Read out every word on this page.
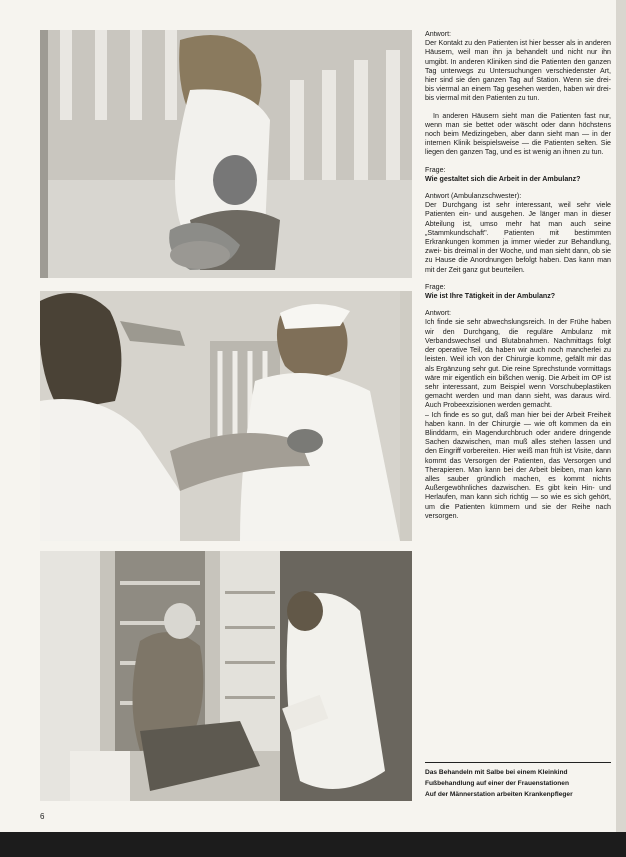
Antwort:

Der Kontakt zu den Patienten ist hier besser als in anderen Häusern, weil man ihn ja behandelt und nicht nur ihn umgibt. In anderen Kliniken sind die Patienten den ganzen Tag unterwegs zu Untersuchungen verschiedenster Art, hier sind sie den ganzen Tag auf Station. Wenn sie drei- bis viermal an einem Tag gesehen werden, haben wir drei- bis viermal mit den Patienten zu tun.

In anderen Häusern sieht man die Patienten fast nur, wenn man sie bettet oder wäscht oder dann höchstens noch beim Medizingeben, aber dann sieht man — in der internen Klinik beispielsweise — die Patienten selten. Sie liegen den ganzen Tag, und es ist wenig an ihnen zu tun.

Frage:

Wie gestaltet sich die Arbeit in der Ambulanz?

Antwort (Ambulanzschwester):

Der Durchgang ist sehr interessant, weil sehr viele Patienten ein- und ausgehen. Je länger man in dieser Abteilung ist, umso mehr hat man auch seine „Stammkundschaft". Patienten mit bestimmten Erkrankungen kommen ja immer wieder zur Behandlung, zwei- bis dreimal in der Woche, und man sieht dann, ob sie zu Hause die Anordnungen befolgt haben. Das kann man mit der Zeit ganz gut beurteilen.

Frage:

Wie ist Ihre Tätigkeit in der Ambulanz?

Antwort:

Ich finde sie sehr abwechslungsreich. In der Frühe haben wir den Durchgang, die reguläre Ambulanz mit Verbandswechsel und Blutabnahmen. Nachmittags folgt der operative Teil, da haben wir auch noch mancherlei zu leisten. Weil ich von der Chirurgie komme, gefällt mir das als Ergänzung sehr gut. Die reine Sprechstunde vormittags wäre mir eigentlich ein bißchen wenig. Die Arbeit im OP ist sehr interessant, zum Beispiel wenn Vorschubeplastiken gemacht werden und man dann sieht, was daraus wird. Auch Probeexzisionen werden gemacht.

– Ich finde es so gut, daß man hier bei der Arbeit Freiheit haben kann. In der Chirurgie — wie oft kommen da ein Blinddarm, ein Magendurchbruch oder andere dringende Sachen dazwischen, man muß alles stehen lassen und den Eingriff vorbereiten. Hier weiß man früh ist Visite, dann kommt das Versorgen der Patienten, das Versorgen und Therapieren. Man kann bei der Arbeit bleiben, man kann alles sauber gründlich machen, es kommt nichts Außergewöhnliches dazwischen. Es gibt kein Hin- und Herlaufen, man kann sich richtig — so wie es sich gehört, um die Patienten kümmern und sie der Reihe nach versorgen.

Das Behandeln mit Salbe bei einem Kleinkind
Fußbehandlung auf einer der Frauenstationen
Auf der Männerstation arbeiten Krankenpfleger
6
